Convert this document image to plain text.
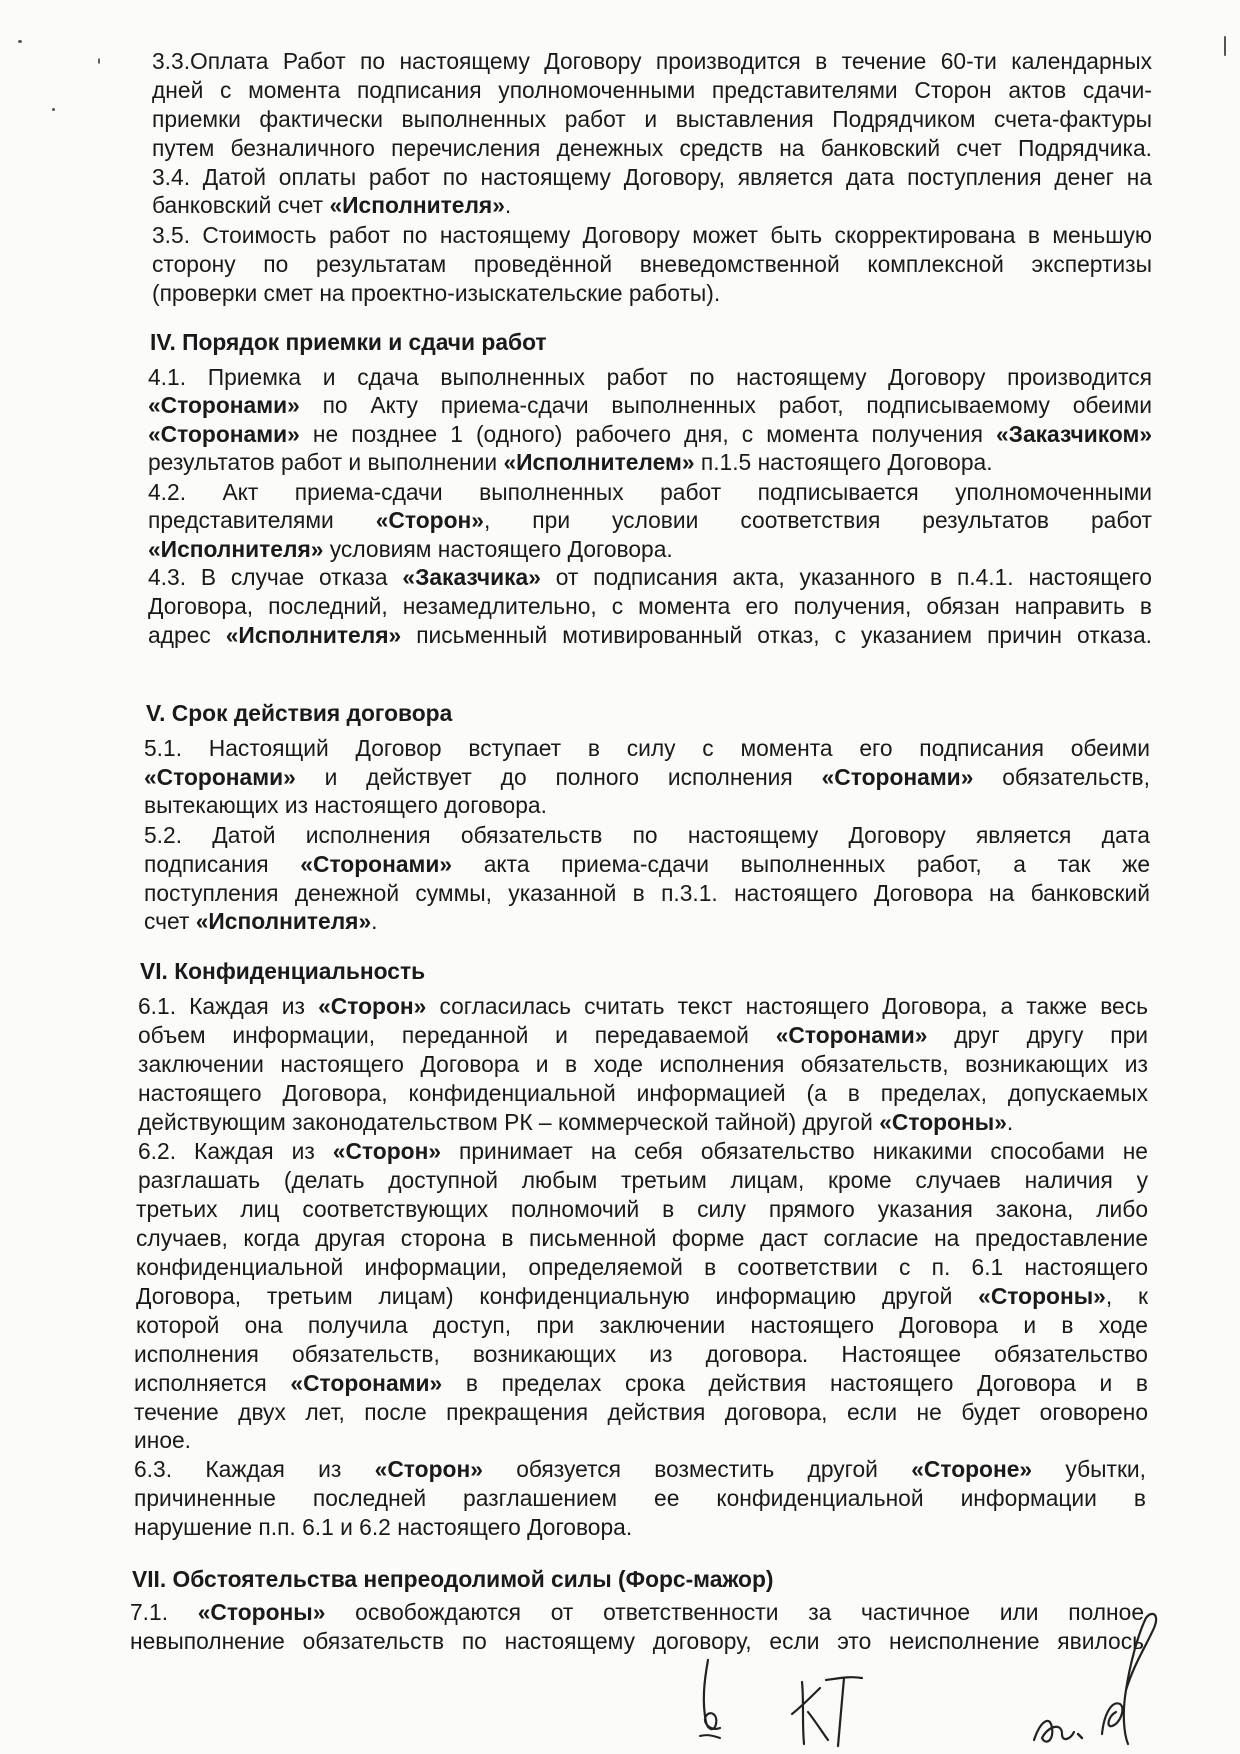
3.3.Оплата Работ по настоящему Договору производится в течение 60-ти календарных
дней с момента подписания уполномоченными представителями Сторон актов сдачи-
приемки фактически выполненных работ и выставления Подрядчиком счета-фактуры
путем безналичного перечисления денежных средств на банковский счет Подрядчика.
3.4. Датой оплаты работ по настоящему Договору, является дата поступления денег на
банковский счет «Исполнителя».
3.5. Стоимость работ по настоящему Договору может быть скорректирована в меньшую
сторону по результатам проведённой вневедомственной комплексной экспертизы
(проверки смет на проектно-изыскательские работы).
IV. Порядок приемки и сдачи работ
4.1. Приемка и сдача выполненных работ по настоящему Договору производится
«Сторонами» по Акту приема-сдачи выполненных работ, подписываемому обеими
«Сторонами» не позднее 1 (одного) рабочего дня, с момента получения «Заказчиком»
результатов работ и выполнении «Исполнителем» п.1.5 настоящего Договора.
4.2. Акт приема-сдачи выполненных работ подписывается уполномоченными
представителями «Сторон», при условии соответствия результатов работ
«Исполнителя» условиям настоящего Договора.
4.3. В случае отказа «Заказчика» от подписания акта, указанного в п.4.1. настоящего
Договора, последний, незамедлительно, с момента его получения, обязан направить в
адрес «Исполнителя» письменный мотивированный отказ, с указанием причин отказа.
V. Срок действия договора
5.1. Настоящий Договор вступает в силу с момента его подписания обеими
«Сторонами» и действует до полного исполнения «Сторонами» обязательств,
вытекающих из настоящего договора.
5.2. Датой исполнения обязательств по настоящему Договору является дата
подписания «Сторонами» акта приема-сдачи выполненных работ, а так же
поступления денежной суммы, указанной в п.3.1. настоящего Договора на банковский
счет «Исполнителя».
VI. Конфиденциальность
6.1. Каждая из «Сторон» согласилась считать текст настоящего Договора, а также весь
объем информации, переданной и передаваемой «Сторонами» друг другу при
заключении настоящего Договора и в ходе исполнения обязательств, возникающих из
настоящего Договора, конфиденциальной информацией (а в пределах, допускаемых
действующим законодательством РК – коммерческой тайной) другой «Стороны».
6.2. Каждая из «Сторон» принимает на себя обязательство никакими способами не
разглашать (делать доступной любым третьим лицам, кроме случаев наличия у
третьих лиц соответствующих полномочий в силу прямого указания закона, либо
случаев, когда другая сторона в письменной форме даст согласие на предоставление
конфиденциальной информации, определяемой в соответствии с п. 6.1 настоящего
Договора, третьим лицам) конфиденциальную информацию другой «Стороны», к
которой она получила доступ, при заключении настоящего Договора и в ходе
исполнения обязательств, возникающих из договора. Настоящее обязательство
исполняется «Сторонами» в пределах срока действия настоящего Договора и в
течение двух лет, после прекращения действия договора, если не будет оговорено
иное.
6.3. Каждая из «Сторон» обязуется возместить другой «Стороне» убытки,
причиненные последней разглашением ее конфиденциальной информации в
нарушение п.п. 6.1 и 6.2 настоящего Договора.
VII. Обстоятельства непреодолимой силы (Форс-мажор)
7.1. «Стороны» освобождаются от ответственности за частичное или полное
невыполнение обязательств по настоящему договору, если это неисполнение явилось
